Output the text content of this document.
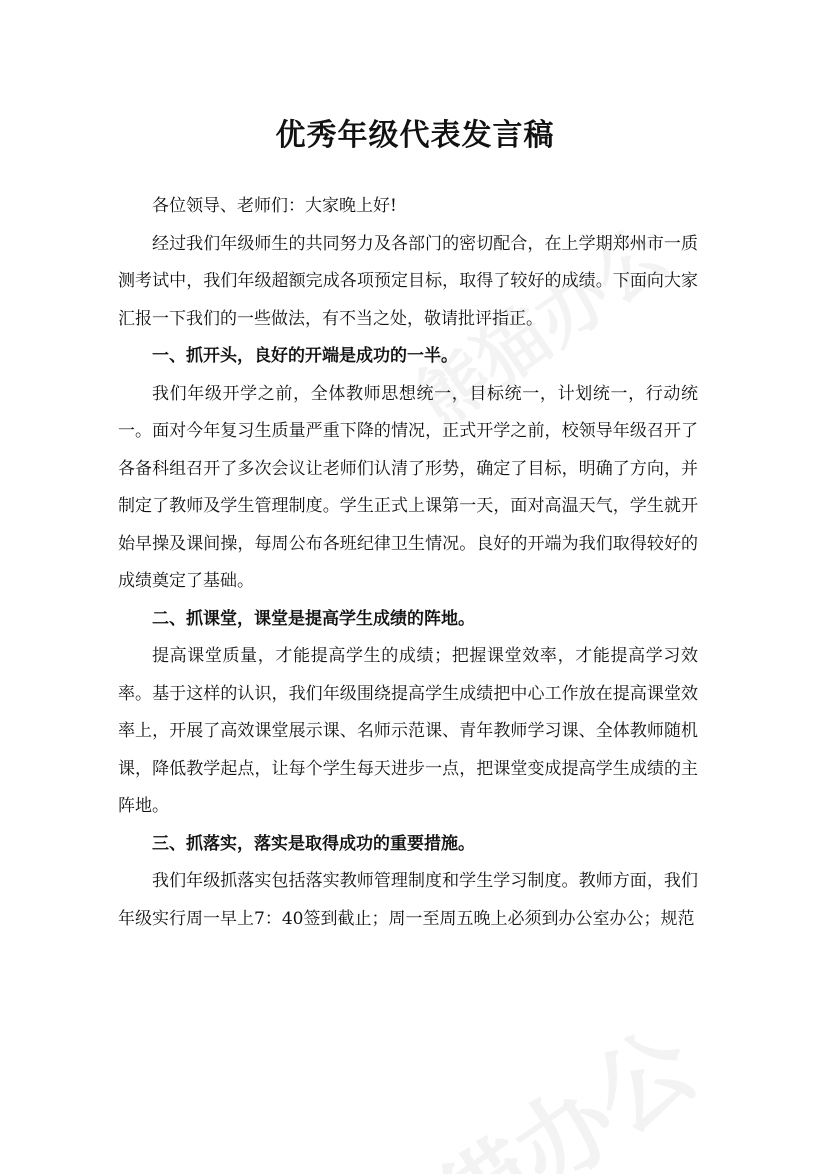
优秀年级代表发言稿

各位领导、老师们：大家晚上好!

经过我们年级师生的共同努力及各部门的密切配合，在上学期郑州市一质测考试中，我们年级超额完成各项预定目标，取得了较好的成绩。下面向大家汇报一下我们的一些做法，有不当之处，敬请批评指正。

一、抓开头，良好的开端是成功的一半。

我们年级开学之前，全体教师思想统一，目标统一，计划统一，行动统一。面对今年复习生质量严重下降的情况，正式开学之前，校领导年级召开了各备科组召开了多次会议让老师们认清了形势，确定了目标，明确了方向，并制定了教师及学生管理制度。学生正式上课第一天，面对高温天气，学生就开始早操及课间操，每周公布各班纪律卫生情况。良好的开端为我们取得较好的成绩奠定了基础。

二、抓课堂，课堂是提高学生成绩的阵地。

提高课堂质量，才能提高学生的成绩；把握课堂效率，才能提高学习效率。基于这样的认识，我们年级围绕提高学生成绩把中心工作放在提高课堂效率上，开展了高效课堂展示课、名师示范课、青年教师学习课、全体教师随机课，降低教学起点，让每个学生每天进步一点，把课堂变成提高学生成绩的主阵地。

三、抓落实，落实是取得成功的重要措施。

我们年级抓落实包括落实教师管理制度和学生学习制度。教师方面，我们年级实行周一早上7：40签到截止；周一至周五晚上必须到办公室办公；规范
